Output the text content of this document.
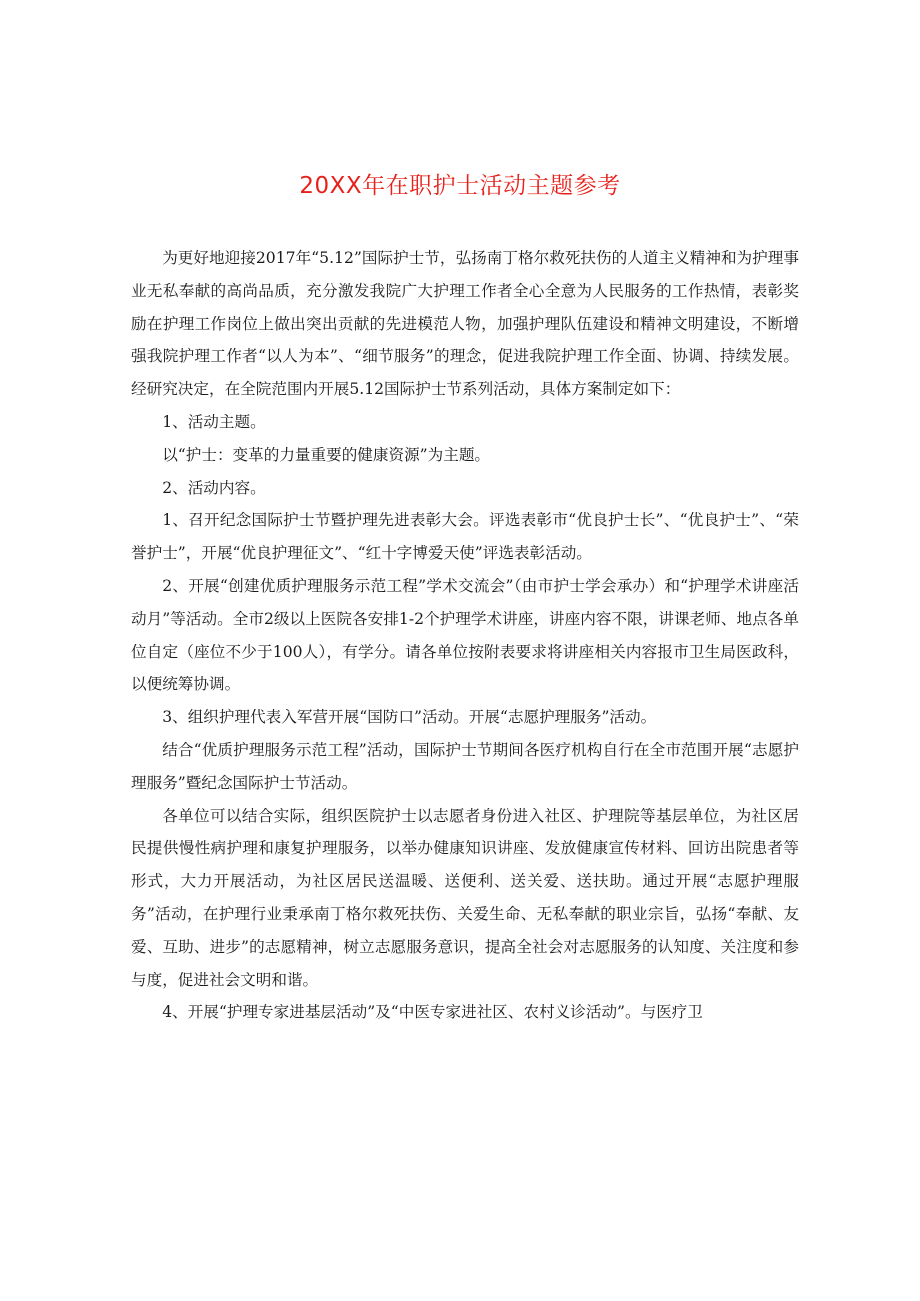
20XX年在职护士活动主题参考

为更好地迎接2017年“5.12”国际护士节，弘扬南丁格尔救死扶伤的人道主义精神和为护理事业无私奉献的高尚品质，充分激发我院广大护理工作者全心全意为人民服务的工作热情，表彰奖励在护理工作岗位上做出突出贡献的先进模范人物，加强护理队伍建设和精神文明建设，不断增强我院护理工作者“以人为本”、“细节服务”的理念，促进我院护理工作全面、协调、持续发展。经研究决定，在全院范围内开展5.12国际护士节系列活动，具体方案制定如下：

1、活动主题。

以“护士：变革的力量重要的健康资源”为主题。

2、活动内容。

1、召开纪念国际护士节暨护理先进表彰大会。评选表彰市“优良护士长”、“优良护士”、“荣誉护士”，开展“优良护理征文”、“红十字博爱天使”评选表彰活动。

2、开展“创建优质护理服务示范工程”学术交流会”（由市护士学会承办）和“护理学术讲座活动月”等活动。全市2级以上医院各安排1-2个护理学术讲座，讲座内容不限，讲课老师、地点各单位自定（座位不少于100人），有学分。请各单位按附表要求将讲座相关内容报市卫生局医政科，以便统筹协调。

3、组织护理代表入军营开展“国防口”活动。开展“志愿护理服务”活动。

结合“优质护理服务示范工程”活动，国际护士节期间各医疗机构自行在全市范围开展“志愿护理服务”暨纪念国际护士节活动。

各单位可以结合实际，组织医院护士以志愿者身份进入社区、护理院等基层单位，为社区居民提供慢性病护理和康复护理服务，以举办健康知识讲座、发放健康宣传材料、回访出院患者等形式，大力开展活动，为社区居民送温暖、送便利、送关爱、送扶助。通过开展“志愿护理服务”活动，在护理行业秉承南丁格尔救死扶伤、关爱生命、无私奉献的职业宗旨，弘扬“奉献、友爱、互助、进步”的志愿精神，树立志愿服务意识，提高全社会对志愿服务的认知度、关注度和参与度，促进社会文明和谐。

4、开展“护理专家进基层活动”及“中医专家进社区、农村义诊活动”。与医疗卫
